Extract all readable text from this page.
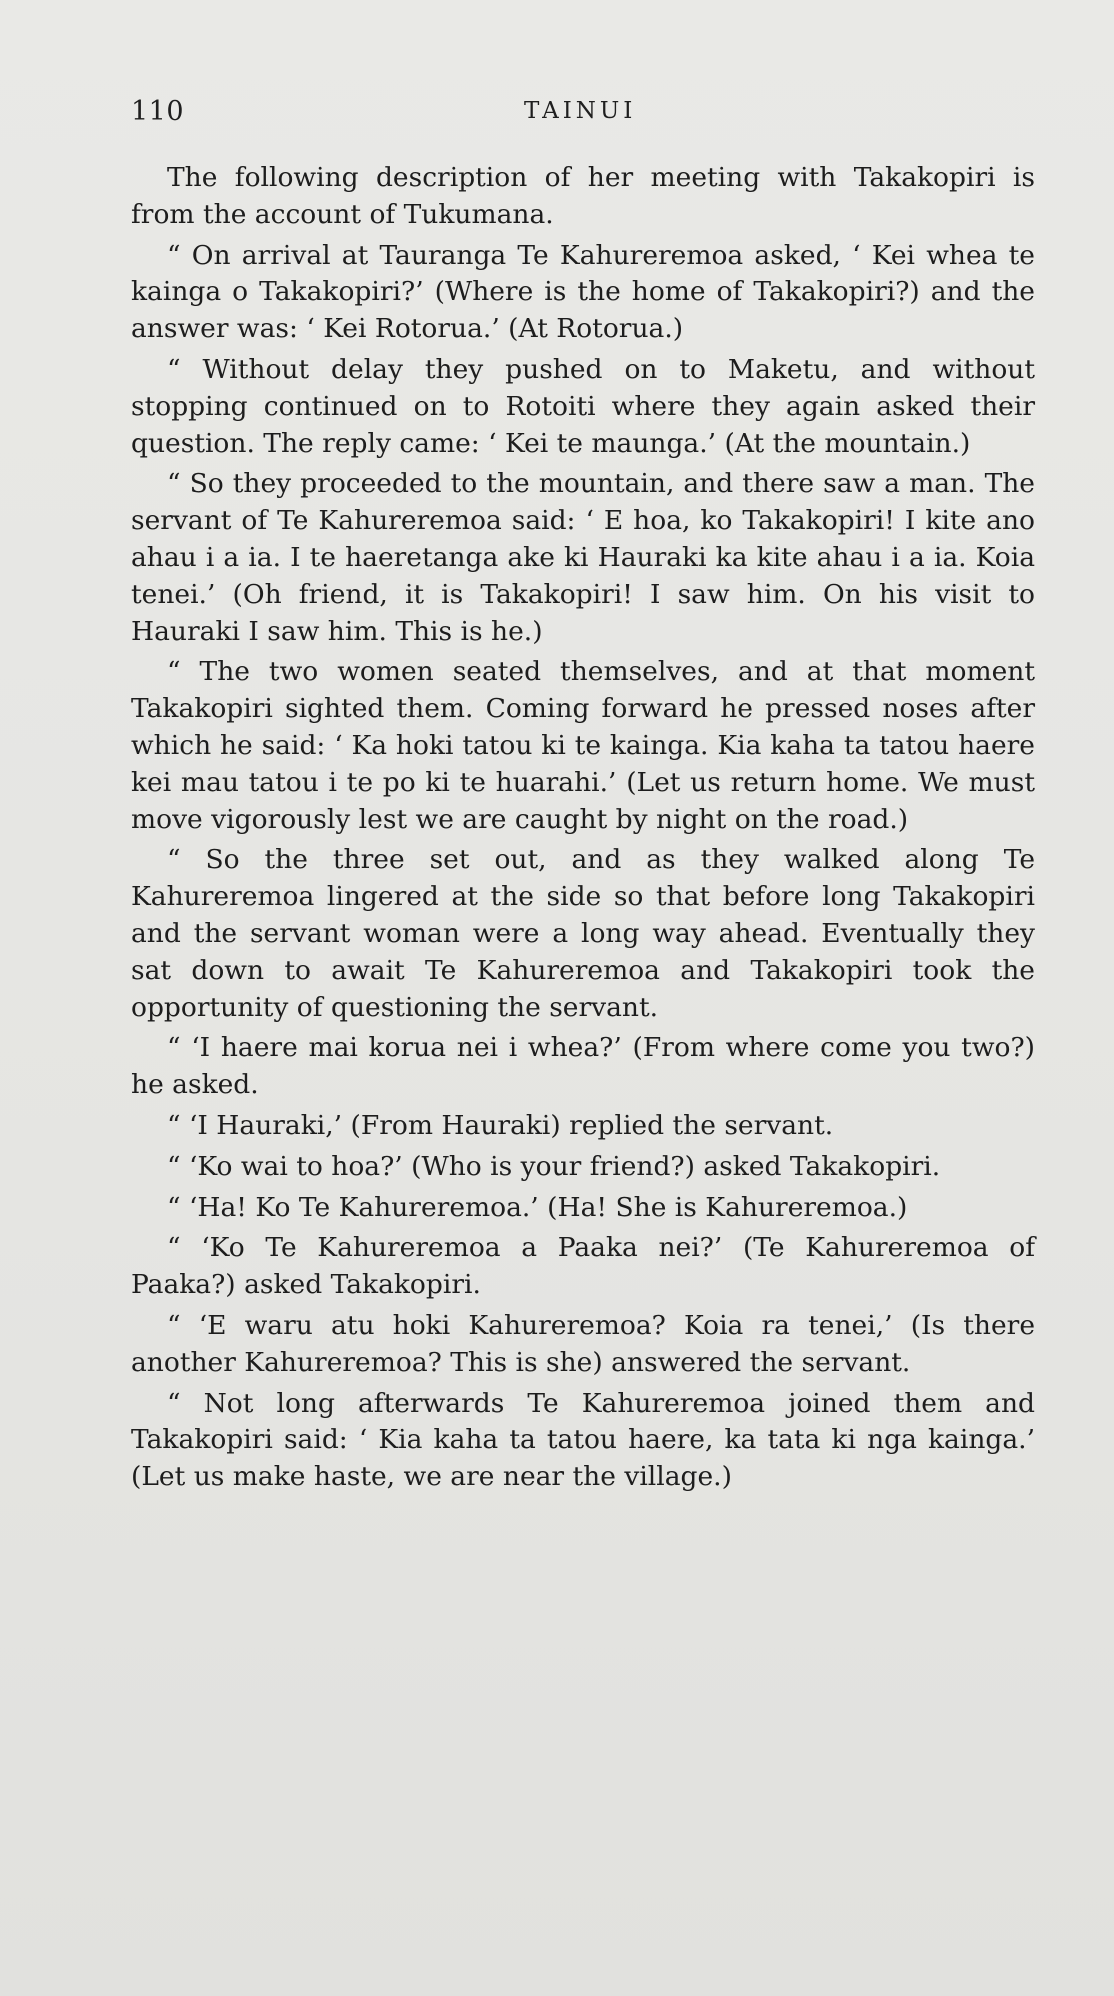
110	TAINUI

The following description of her meeting with Takakopiri is from the account of Tukumana.

“ On arrival at Tauranga Te Kahureremoa asked, ‘ Kei whea te kainga o Takakopiri?’ (Where is the home of Takakopiri?) and the answer was: ‘ Kei Rotorua.’ (At Rotorua.)

“ Without delay they pushed on to Maketu, and without stopping continued on to Rotoiti where they again asked their question. The reply came: ‘ Kei te maunga.’ (At the mountain.)

“ So they proceeded to the mountain, and there saw a man. The servant of Te Kahureremoa said: ‘ E hoa, ko Takakopiri! I kite ano ahau i a ia. I te haeretanga ake ki Hauraki ka kite ahau i a ia. Koia tenei.’ (Oh friend, it is Takakopiri! I saw him. On his visit to Hauraki I saw him. This is he.)

“ The two women seated themselves, and at that moment Takakopiri sighted them. Coming forward he pressed noses after which he said: ‘ Ka hoki tatou ki te kainga. Kia kaha ta tatou haere kei mau tatou i te po ki te huarahi.’ (Let us return home. We must move vigorously lest we are caught by night on the road.)

“ So the three set out, and as they walked along Te Kahureremoa lingered at the side so that before long Takakopiri and the servant woman were a long way ahead. Eventually they sat down to await Te Kahureremoa and Takakopiri took the opportunity of questioning the servant.

“ ‘I haere mai korua nei i whea?’ (From where come you two?) he asked.

“ ‘I Hauraki,’ (From Hauraki) replied the servant.

“ ‘Ko wai to hoa?’ (Who is your friend?) asked Takakopiri.

“ ‘Ha! Ko Te Kahureremoa.’ (Ha! She is Kahureremoa.)

“ ‘Ko Te Kahureremoa a Paaka nei?’ (Te Kahureremoa of Paaka?) asked Takakopiri.

“ ‘E waru atu hoki Kahureremoa? Koia ra tenei,’ (Is there another Kahureremoa? This is she) answered the servant.

“ Not long afterwards Te Kahureremoa joined them and Takakopiri said: ‘ Kia kaha ta tatou haere, ka tata ki nga kainga.’ (Let us make haste, we are near the village.)
